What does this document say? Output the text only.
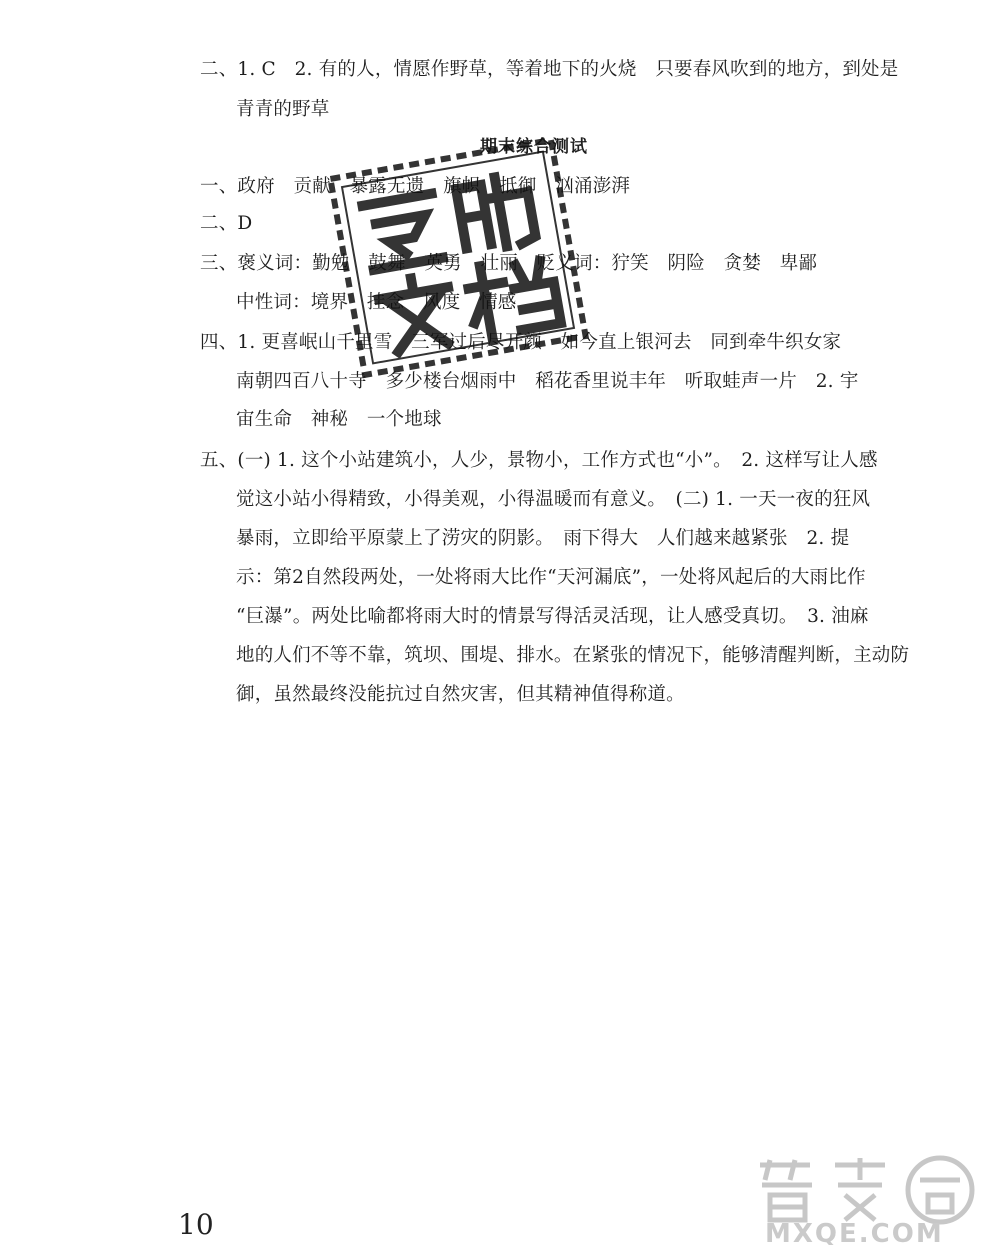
二、1. C　2. 有的人，情愿作野草，等着地下的火烧　只要春风吹到的地方，到处是
青青的野草
期末综合测试
一、政府　贡献　暴露无遗　旗帜　抵御　汹涌澎湃
二、D
三、褒义词：勤勉　鼓舞　英勇　壮丽　贬义词：狞笑　阴险　贪婪　卑鄙
中性词：境界　挂念　风度　情感
四、1. 更喜岷山千里雪　三军过后尽开颜　如今直上银河去　同到牵牛织女家
南朝四百八十寺　多少楼台烟雨中　稻花香里说丰年　听取蛙声一片　2. 宇
宙生命　神秘　一个地球
五、(一) 1. 这个小站建筑小，人少，景物小，工作方式也“小”。　2. 这样写让人感
觉这小站小得精致，小得美观，小得温暖而有意义。　(二) 1. 一天一夜的狂风
暴雨，立即给平原蒙上了涝灾的阴影。　雨下得大　人们越来越紧张　2. 提
示：第2自然段两处，一处将雨大比作“天河漏底”，一处将风起后的大雨比作
“巨瀑”。两处比喻都将雨大时的情景写得活灵活现，让人感受真切。　3. 油麻
地的人们不等不靠，筑坝、围堤、排水。在紧张的情况下，能够清醒判断，主动防
御，虽然最终没能抗过自然灾害，但其精神值得称道。
10	MXQE.COM
